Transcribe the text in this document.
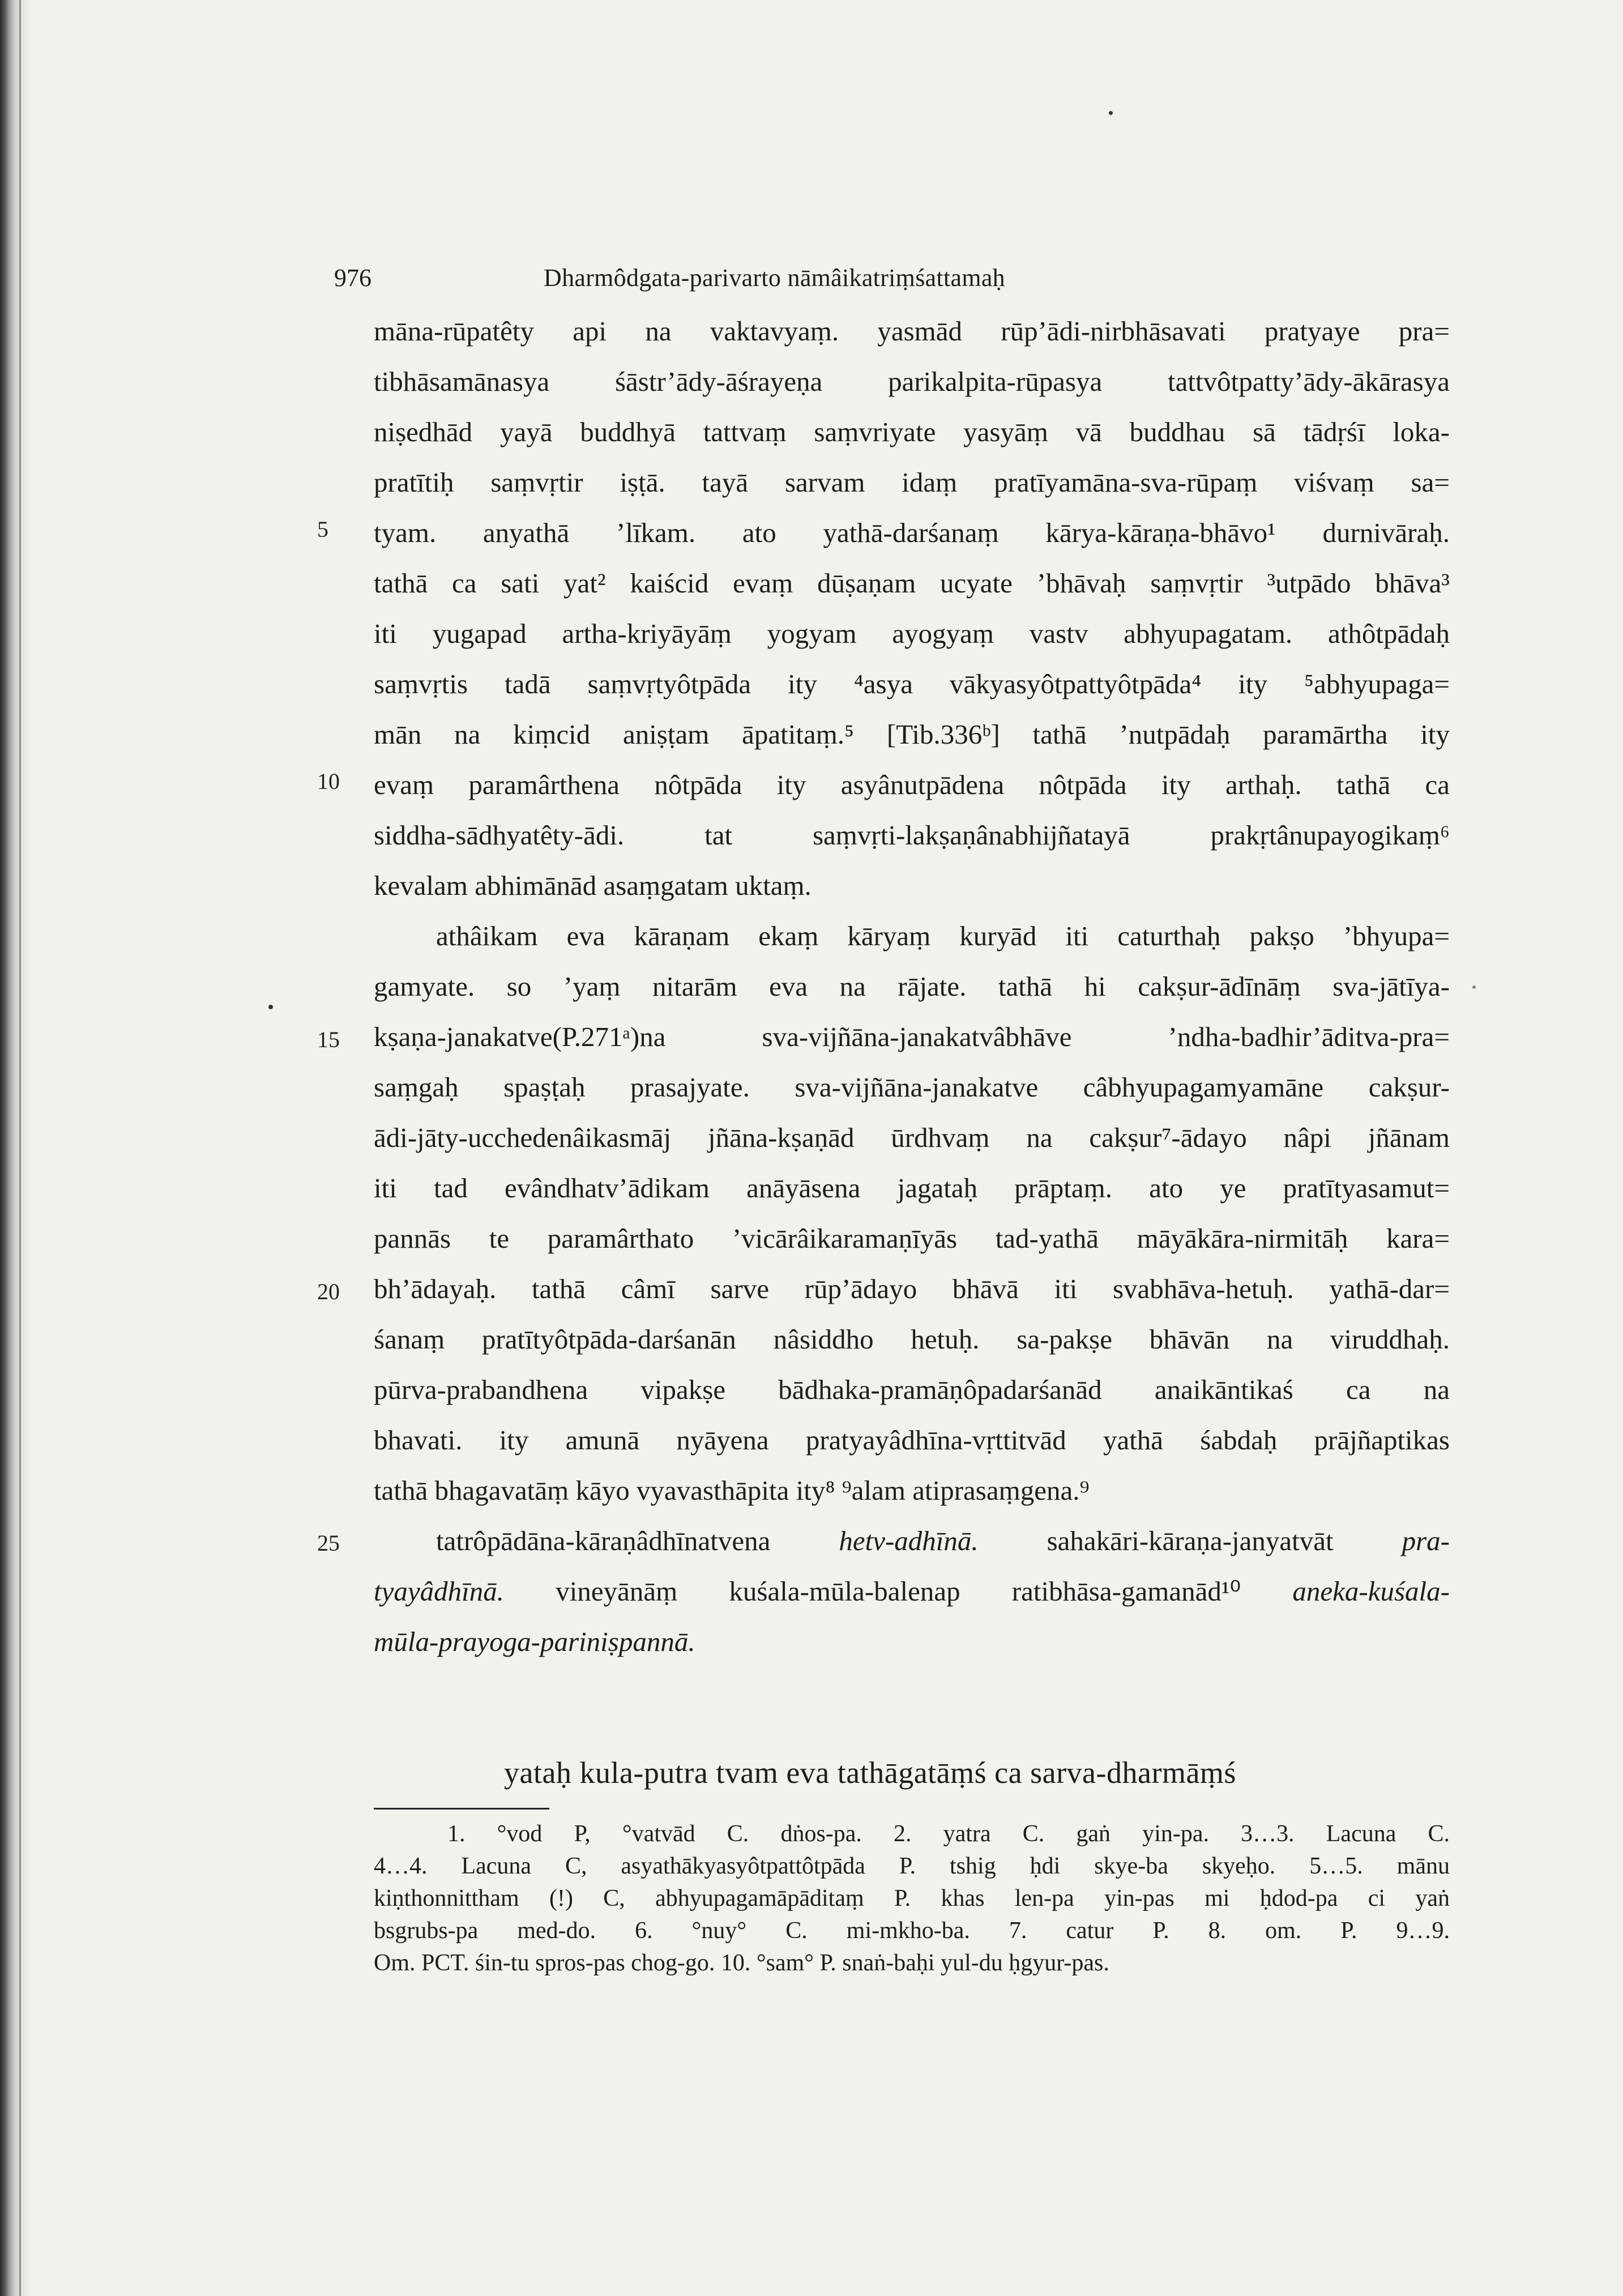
976	Dharmôdgata-parivarto nāmâikatriṃśattamaḥ
5
10
15
20
25
māna-rūpatêty api na vaktavyaṃ. yasmād rūp’ādi-nirbhāsavati pratyaye pra=
tibhāsamānasya śāstr’ādy-āśrayeṇa parikalpita-rūpasya tattvôtpatty’ādy-ākārasya
niṣedhād yayā buddhyā tattvaṃ saṃvriyate yasyāṃ vā buddhau sā tādṛśī loka-
pratītiḥ saṃvṛtir iṣṭā. tayā sarvam idaṃ pratīyamāna-sva-rūpaṃ viśvaṃ sa=
tyam. anyathā ’līkam. ato yathā-darśanaṃ kārya-kāraṇa-bhāvo¹ durnivāraḥ.
tathā ca sati yat² kaiścid evaṃ dūṣaṇam ucyate ’bhāvaḥ saṃvṛtir ³utpādo bhāva³
iti yugapad artha-kriyāyāṃ yogyam ayogyaṃ vastv abhyupagatam. athôtpādaḥ
saṃvṛtis tadā saṃvṛtyôtpāda ity ⁴asya vākyasyôtpattyôtpāda⁴ ity ⁵abhyupaga=
mān na kiṃcid aniṣṭam āpatitaṃ.⁵ [Tib.336ᵇ] tathā ’nutpādaḥ paramārtha ity
evaṃ paramârthena nôtpāda ity asyânutpādena nôtpāda ity arthaḥ. tathā ca
siddha-sādhyatêty-ādi. tat saṃvṛti-lakṣaṇânabhijñatayā prakṛtânupayogikaṃ⁶
kevalam abhimānād asaṃgatam uktaṃ.
athâikam eva kāraṇam ekaṃ kāryaṃ kuryād iti caturthaḥ pakṣo ’bhyupa=
gamyate. so ’yaṃ nitarām eva na rājate. tathā hi cakṣur-ādīnāṃ sva-jātīya-
kṣaṇa-janakatve(P.271ᵃ)na sva-vijñāna-janakatvâbhāve ’ndha-badhir’āditva-pra=
saṃgaḥ spaṣṭaḥ prasajyate. sva-vijñāna-janakatve câbhyupagamyamāne cakṣur-
ādi-jāty-ucchedenâikasmāj jñāna-kṣaṇād ūrdhvaṃ na cakṣur⁷-ādayo nâpi jñānam
iti tad evândhatv’ādikam anāyāsena jagataḥ prāptaṃ. ato ye pratītyasamut=
pannās te paramârthato ’vicārâikaramaṇīyās tad-yathā māyākāra-nirmitāḥ kara=
bh’ādayaḥ. tathā câmī sarve rūp’ādayo bhāvā iti svabhāva-hetuḥ. yathā-dar=
śanaṃ pratītyôtpāda-darśanān nâsiddho hetuḥ. sa-pakṣe bhāvān na viruddhaḥ.
pūrva-prabandhena vipakṣe bādhaka-pramāṇôpadarśanād anaikāntikaś ca na
bhavati. ity amunā nyāyena pratyayâdhīna-vṛttitvād yathā śabdaḥ prājñaptikas
tathā bhagavatāṃ kāyo vyavasthāpita ity⁸ ⁹alam atiprasaṃgena.⁹
tatrôpādāna-kāraṇâdhīnatvena hetv-adhīnā. sahakāri-kāraṇa-janyatvāt pra-
tyayâdhīnā. vineyānāṃ kuśala-mūla-balenap ratibhāsa-gamanād¹⁰ aneka-kuśala-
mūla-prayoga-pariniṣpannā.
yataḥ kula-putra tvam eva tathāgatāṃś ca sarva-dharmāṃś
1. °vod P, °vatvād C. dṅos-pa. 2. yatra C. gaṅ yin-pa. 3…3. Lacuna C.
4…4. Lacuna C, asyathākyasyôtpattôtpāda P. tshig ḥdi skye-ba skyeḥo. 5…5. mānu
kiṇthonnittham (!) C, abhyupagamāpāditaṃ P. khas len-pa yin-pas mi ḥdod-pa ci yaṅ
bsgrubs-pa med-do. 6. °nuy° C. mi-mkho-ba. 7. catur P. 8. om. P. 9…9.
Om. PCT. śin-tu spros-pas chog-go. 10. °sam° P. snaṅ-baḥi yul-du ḥgyur-pas.
